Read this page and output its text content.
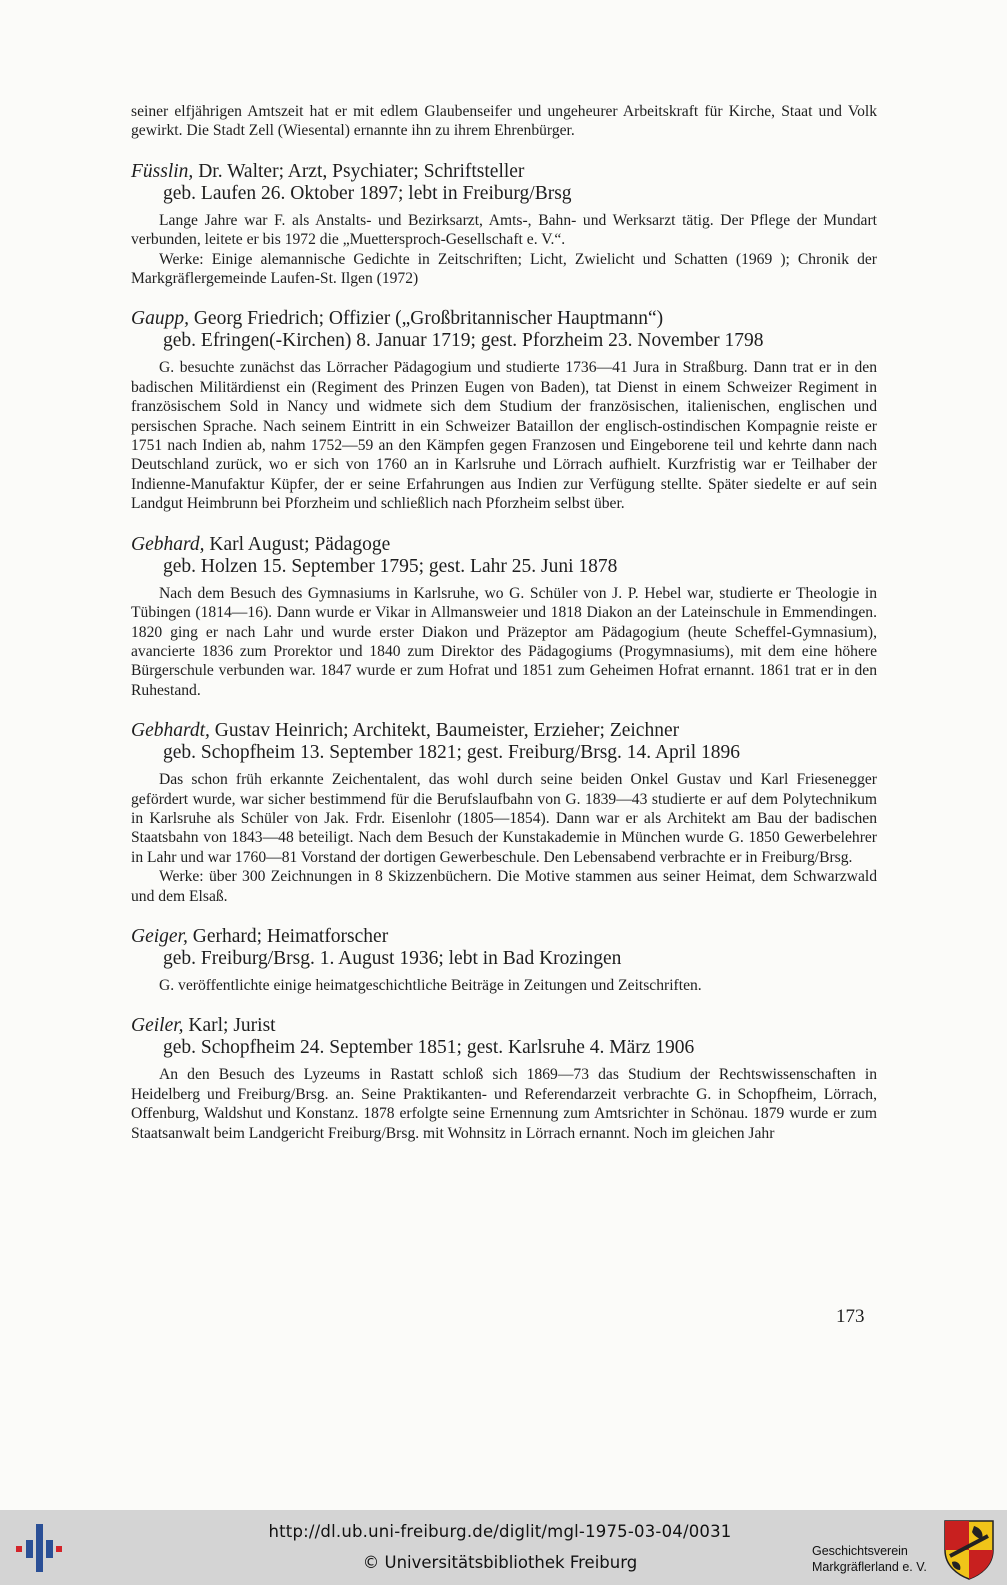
seiner elfjährigen Amtszeit hat er mit edlem Glaubenseifer und ungeheurer Arbeitskraft für Kirche, Staat und Volk gewirkt. Die Stadt Zell (Wiesental) ernannte ihn zu ihrem Ehrenbürger.

Füsslin, Dr. Walter; Arzt, Psychiater; Schriftsteller

geb. Laufen 26. Oktober 1897; lebt in Freiburg/Brsg

Lange Jahre war F. als Anstalts- und Bezirksarzt, Amts-, Bahn- und Werksarzt tätig. Der Pflege der Mundart verbunden, leitete er bis 1972 die „Muettersproch-Gesellschaft e. V.“.

Werke: Einige alemannische Gedichte in Zeitschriften; Licht, Zwielicht und Schatten (1969 ); Chronik der Markgräflergemeinde Laufen-St. Ilgen (1972)

Gaupp, Georg Friedrich; Offizier („Großbritannischer Hauptmann“)

geb. Efringen(-Kirchen) 8. Januar 1719; gest. Pforzheim 23. November 1798

G. besuchte zunächst das Lörracher Pädagogium und studierte 1736—41 Jura in Straßburg. Dann trat er in den badischen Militärdienst ein (Regiment des Prinzen Eugen von Baden), tat Dienst in einem Schweizer Regiment in französischem Sold in Nancy und widmete sich dem Studium der französischen, italienischen, englischen und persischen Sprache. Nach seinem Eintritt in ein Schweizer Bataillon der englisch-ostindischen Kompagnie reiste er 1751 nach Indien ab, nahm 1752—59 an den Kämpfen gegen Franzosen und Eingeborene teil und kehrte dann nach Deutschland zurück, wo er sich von 1760 an in Karlsruhe und Lörrach aufhielt. Kurzfristig war er Teilhaber der Indienne-Manufaktur Küpfer, der er seine Erfahrungen aus Indien zur Verfügung stellte. Später siedelte er auf sein Landgut Heimbrunn bei Pforzheim und schließlich nach Pforzheim selbst über.

Gebhard, Karl August; Pädagoge

geb. Holzen 15. September 1795; gest. Lahr 25. Juni 1878

Nach dem Besuch des Gymnasiums in Karlsruhe, wo G. Schüler von J. P. Hebel war, studierte er Theologie in Tübingen (1814—16). Dann wurde er Vikar in Allmansweier und 1818 Diakon an der Lateinschule in Emmendingen. 1820 ging er nach Lahr und wurde erster Diakon und Präzeptor am Pädagogium (heute Scheffel-Gymnasium), avancierte 1836 zum Prorektor und 1840 zum Direktor des Pädagogiums (Progymnasiums), mit dem eine höhere Bürgerschule verbunden war. 1847 wurde er zum Hofrat und 1851 zum Geheimen Hofrat ernannt. 1861 trat er in den Ruhestand.

Gebhardt, Gustav Heinrich; Architekt, Baumeister, Erzieher; Zeichner

geb. Schopfheim 13. September 1821; gest. Freiburg/Brsg. 14. April 1896

Das schon früh erkannte Zeichentalent, das wohl durch seine beiden Onkel Gustav und Karl Friesenegger gefördert wurde, war sicher bestimmend für die Berufslaufbahn von G. 1839—43 studierte er auf dem Polytechnikum in Karlsruhe als Schüler von Jak. Frdr. Eisenlohr (1805—1854). Dann war er als Architekt am Bau der badischen Staatsbahn von 1843—48 beteiligt. Nach dem Besuch der Kunstakademie in München wurde G. 1850 Gewerbelehrer in Lahr und war 1760—81 Vorstand der dortigen Gewerbeschule. Den Lebensabend verbrachte er in Freiburg/Brsg.

Werke: über 300 Zeichnungen in 8 Skizzenbüchern. Die Motive stammen aus seiner Heimat, dem Schwarzwald und dem Elsaß.

Geiger, Gerhard; Heimatforscher

geb. Freiburg/Brsg. 1. August 1936; lebt in Bad Krozingen

G. veröffentlichte einige heimatgeschichtliche Beiträge in Zeitungen und Zeitschriften.

Geiler, Karl; Jurist

geb. Schopfheim 24. September 1851; gest. Karlsruhe 4. März 1906

An den Besuch des Lyzeums in Rastatt schloß sich 1869—73 das Studium der Rechtswissenschaften in Heidelberg und Freiburg/Brsg. an. Seine Praktikanten- und Referendarzeit verbrachte G. in Schopfheim, Lörrach, Offenburg, Waldshut und Konstanz. 1878 erfolgte seine Ernennung zum Amtsrichter in Schönau. 1879 wurde er zum Staatsanwalt beim Landgericht Freiburg/Brsg. mit Wohnsitz in Lörrach ernannt. Noch im gleichen Jahr

173
http://dl.ub.uni-freiburg.de/diglit/mgl-1975-03-04/0031
© Universitätsbibliothek Freiburg
Geschichtsverein
Markgräflerland e. V.
